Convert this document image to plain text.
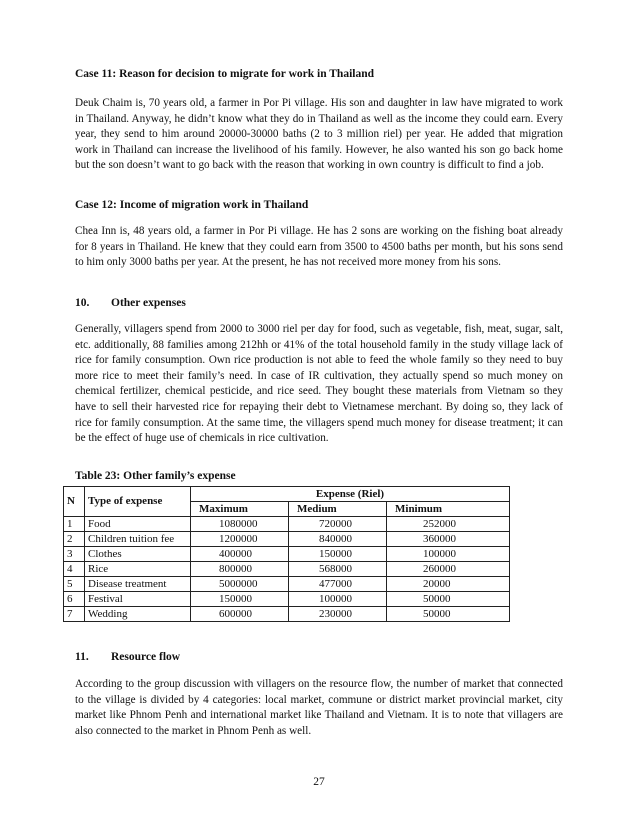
Case 11: Reason for decision to migrate for work in Thailand

Deuk Chaim is, 70 years old, a farmer in Por Pi village. His son and daughter in law have migrated to work in Thailand. Anyway, he didn’t know what they do in Thailand as well as the income they could earn. Every year, they send to him around 20000-30000 baths (2 to 3 million riel) per year. He added that migration work in Thailand can increase the livelihood of his family. However, he also wanted his son go back home but the son doesn’t want to go back with the reason that working in own country is difficult to find a job.

Case 12: Income of migration work in Thailand

Chea Inn is, 48 years old, a farmer in Por Pi village. He has 2 sons are working on the fishing boat already for 8 years in Thailand. He knew that they could earn from 3500 to 4500 baths per month, but his sons send to him only 3000 baths per year. At the present, he has not received more money from his sons.

10. Other expenses

Generally, villagers spend from 2000 to 3000 riel per day for food, such as vegetable, fish, meat, sugar, salt, etc. additionally, 88 families among 212hh or 41% of the total household family in the study village lack of rice for family consumption. Own rice production is not able to feed the whole family so they need to buy more rice to meet their family’s need. In case of IR cultivation, they actually spend so much money on chemical fertilizer, chemical pesticide, and rice seed. They bought these materials from Vietnam so they have to sell their harvested rice for repaying their debt to Vietnamese merchant. By doing so, they lack of rice for family consumption. At the same time, the villagers spend much money for disease treatment; it can be the effect of huge use of chemicals in rice cultivation.

Table 23: Other family’s expense

N	Type of expense	Expense (Riel)		
		Maximum	Medium	Minimum
1	Food	1080000	720000	252000
2	Children tuition fee	1200000	840000	360000
3	Clothes	400000	150000	100000
4	Rice	800000	568000	260000
5	Disease treatment	5000000	477000	20000
6	Festival	150000	100000	50000
7	Wedding	600000	230000	50000

11. Resource flow

According to the group discussion with villagers on the resource flow, the number of market that connected to the village is divided by 4 categories: local market, commune or district market provincial market, city market like Phnom Penh and international market like Thailand and Vietnam. It is to note that villagers are also connected to the market in Phnom Penh as well.

27
